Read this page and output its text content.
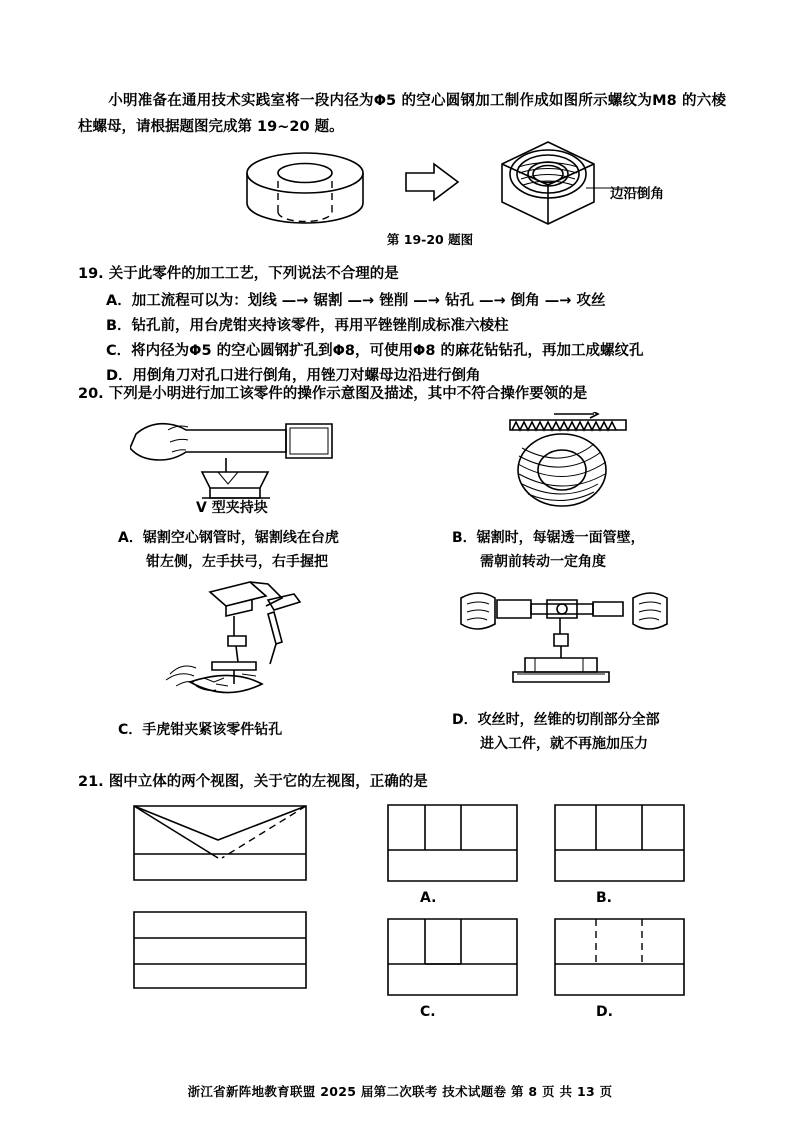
小明准备在通用技术实践室将一段内径为Φ5 的空心圆钢加工制作成如图所示螺纹为M8 的六棱柱螺母，请根据题图完成第 19~20 题。
边沿倒角
第 19-20 题图
19. 关于此零件的加工工艺，下列说法不合理的是
A．加工流程可以为：划线 —→ 锯割 —→ 锉削 —→ 钻孔 —→ 倒角 —→ 攻丝
B．钻孔前，用台虎钳夹持该零件，再用平锉锉削成标准六棱柱
C．将内径为Φ5 的空心圆钢扩孔到Φ8，可使用Φ8 的麻花钻钻孔，再加工成螺纹孔
D．用倒角刀对孔口进行倒角，用锉刀对螺母边沿进行倒角
20. 下列是小明进行加工该零件的操作示意图及描述，其中不符合操作要领的是
V 型夹持块
A．锯割空心钢管时，锯割线在台虎
钳左侧，左手扶弓，右手握把
B．锯割时，每锯透一面管壁，
需朝前转动一定角度
C．手虎钳夹紧该零件钻孔
D．攻丝时，丝锥的切削部分全部
进入工件，就不再施加压力
21. 图中立体的两个视图，关于它的左视图，正确的是
A.	B.
C.	D.
浙江省新阵地教育联盟 2025 届第二次联考 技术试题卷 第 8 页 共 13 页
